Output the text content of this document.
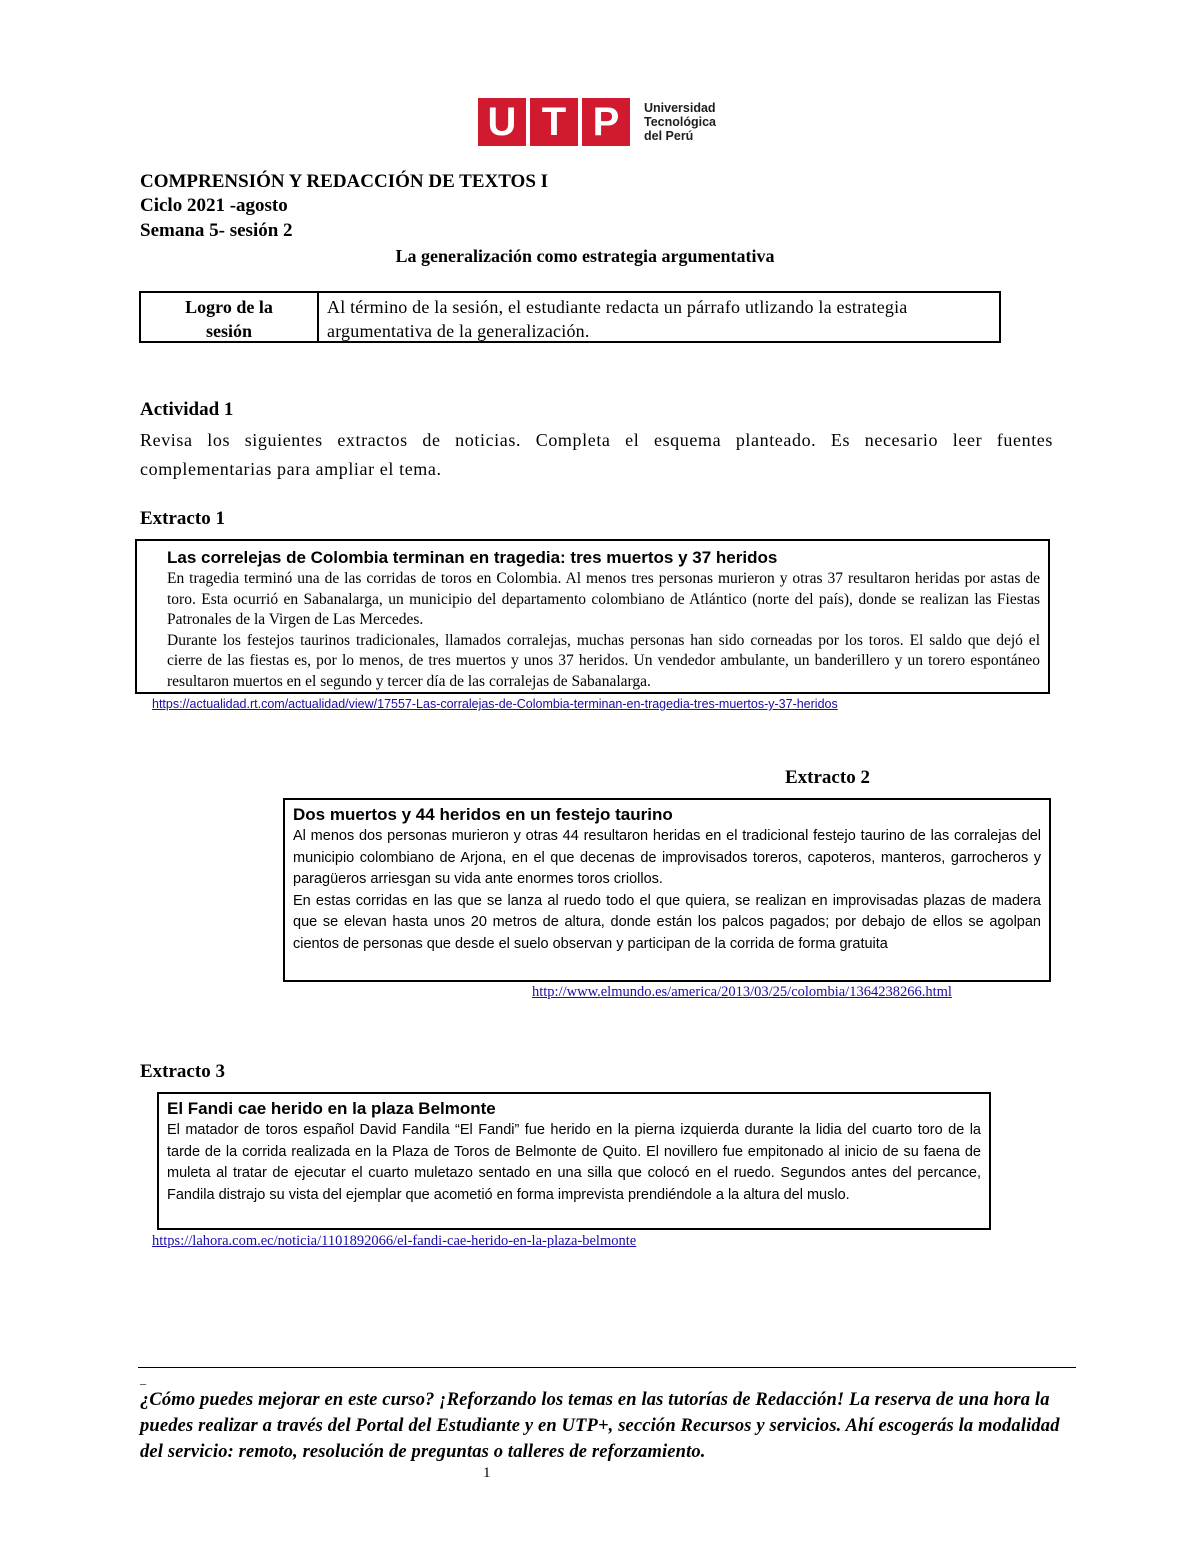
U T P	Universidad
Tecnológica
del Perú
COMPRENSIÓN Y REDACCIÓN DE TEXTOS I
Ciclo 2021 -agosto
Semana 5- sesión 2
La generalización como estrategia argumentativa
Logro de la
sesión
Al término de la sesión, el estudiante redacta un párrafo utlizando la estrategia argumentativa de la generalización.
Actividad 1
Revisa los siguientes extractos de noticias. Completa el esquema planteado. Es necesario leer fuentes complementarias para ampliar el tema.
Extracto 1
Las correlejas de Colombia terminan en tragedia: tres muertos y 37 heridos
En tragedia terminó una de las corridas de toros en Colombia. Al menos tres personas murieron y otras 37 resultaron heridas por astas de toro. Esta ocurrió en Sabanalarga, un municipio del departamento colombiano de Atlántico (norte del país), donde se realizan las Fiestas Patronales de la Virgen de Las Mercedes.
Durante los festejos taurinos tradicionales, llamados corralejas, muchas personas han sido corneadas por los toros. El saldo que dejó el cierre de las fiestas es, por lo menos, de tres muertos y unos 37 heridos. Un vendedor ambulante, un banderillero y un torero espontáneo resultaron muertos en el segundo y tercer día de las corralejas de Sabanalarga.
https://actualidad.rt.com/actualidad/view/17557-Las-corralejas-de-Colombia-terminan-en-tragedia-tres-muertos-y-37-heridos
Extracto 2
Dos muertos y 44 heridos en un festejo taurino
Al menos dos personas murieron y otras 44 resultaron heridas en el tradicional festejo taurino de las corralejas del municipio colombiano de Arjona, en el que decenas de improvisados toreros, capoteros, manteros, garrocheros y paragüeros arriesgan su vida ante enormes toros criollos.
En estas corridas en las que se lanza al ruedo todo el que quiera, se realizan en improvisadas plazas de madera que se elevan hasta unos 20 metros de altura, donde están los palcos pagados; por debajo de ellos se agolpan cientos de personas que desde el suelo observan y participan de la corrida de forma gratuita
http://www.elmundo.es/america/2013/03/25/colombia/1364238266.html
Extracto 3
El Fandi cae herido en la plaza Belmonte
El matador de toros español David Fandila “El Fandi” fue herido en la pierna izquierda durante la lidia del cuarto toro de la tarde de la corrida realizada en la Plaza de Toros de Belmonte de Quito. El novillero fue empitonado al inicio de su faena de muleta al tratar de ejecutar el cuarto muletazo sentado en una silla que colocó en el ruedo. Segundos antes del percance, Fandila distrajo su vista del ejemplar que acometió en forma imprevista prendiéndole a la altura del muslo.
https://lahora.com.ec/noticia/1101892066/el-fandi-cae-herido-en-la-plaza-belmonte
_
¿Cómo puedes mejorar en este curso? ¡Reforzando los temas en las tutorías de Redacción! La reserva de una hora la puedes realizar a través del Portal del Estudiante y en UTP+, sección Recursos y servicios. Ahí escogerás la modalidad del servicio: remoto, resolución de preguntas o talleres de reforzamiento.
1
